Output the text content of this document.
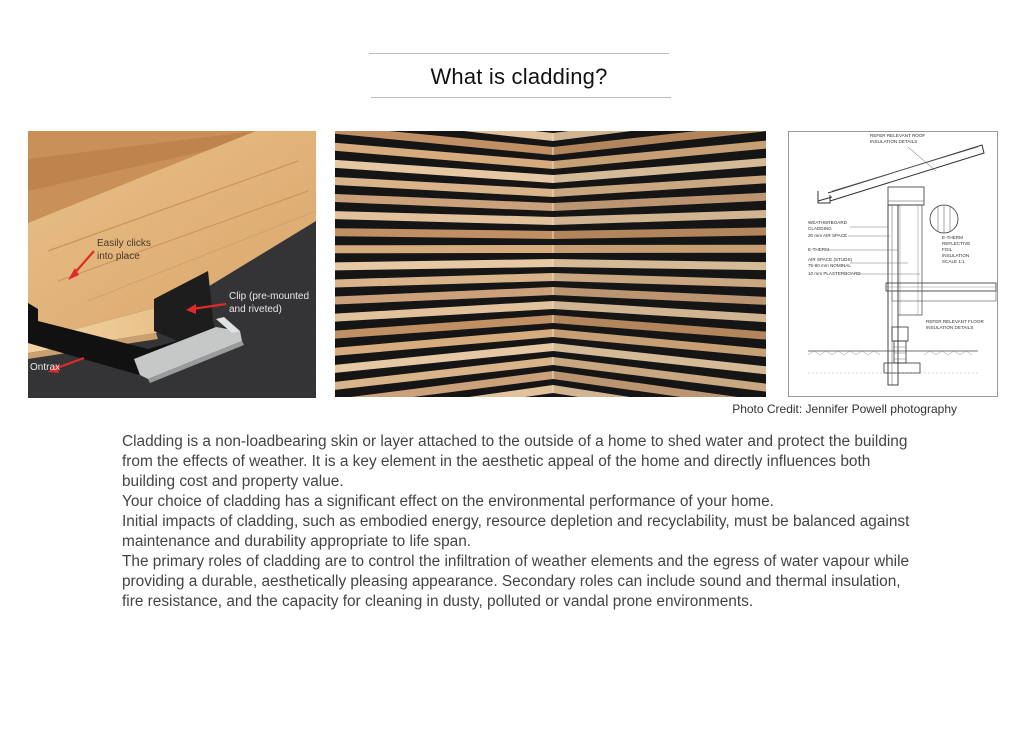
What is cladding?
Easily clicks
into place
Clip (pre-mounted
and riveted)
Ontrax
REFER RELEVANT ROOF
INSULATION DETAILS
WEATHERBOARD
CLADDING
20 mm AIR SPACE
E-THERM
AIR SPACE (STUDS)
75-90 mm NOMINAL
10 mm PLASTERBOARD
E-THERM
REFLECTIVE
FOIL
INSULATION
SCALE 1:1
REFER RELEVANT FLOOR
INSULATION DETAILS
Photo Credit: Jennifer Powell photography

Cladding is a non-loadbearing skin or layer attached to the outside of a home to shed water and protect the building from the effects of weather. It is a key element in the aesthetic appeal of the home and directly influences both building cost and property value.

Your choice of cladding has a significant effect on the environmental performance of your home.

Initial impacts of cladding, such as embodied energy, resource depletion and recyclability, must be balanced against maintenance and durability appropriate to life span.

The primary roles of cladding are to control the infiltration of weather elements and the egress of water vapour while providing a durable, aesthetically pleasing appearance. Secondary roles can include sound and thermal insulation, fire resistance, and the capacity for cleaning in dusty, polluted or vandal prone environments.
